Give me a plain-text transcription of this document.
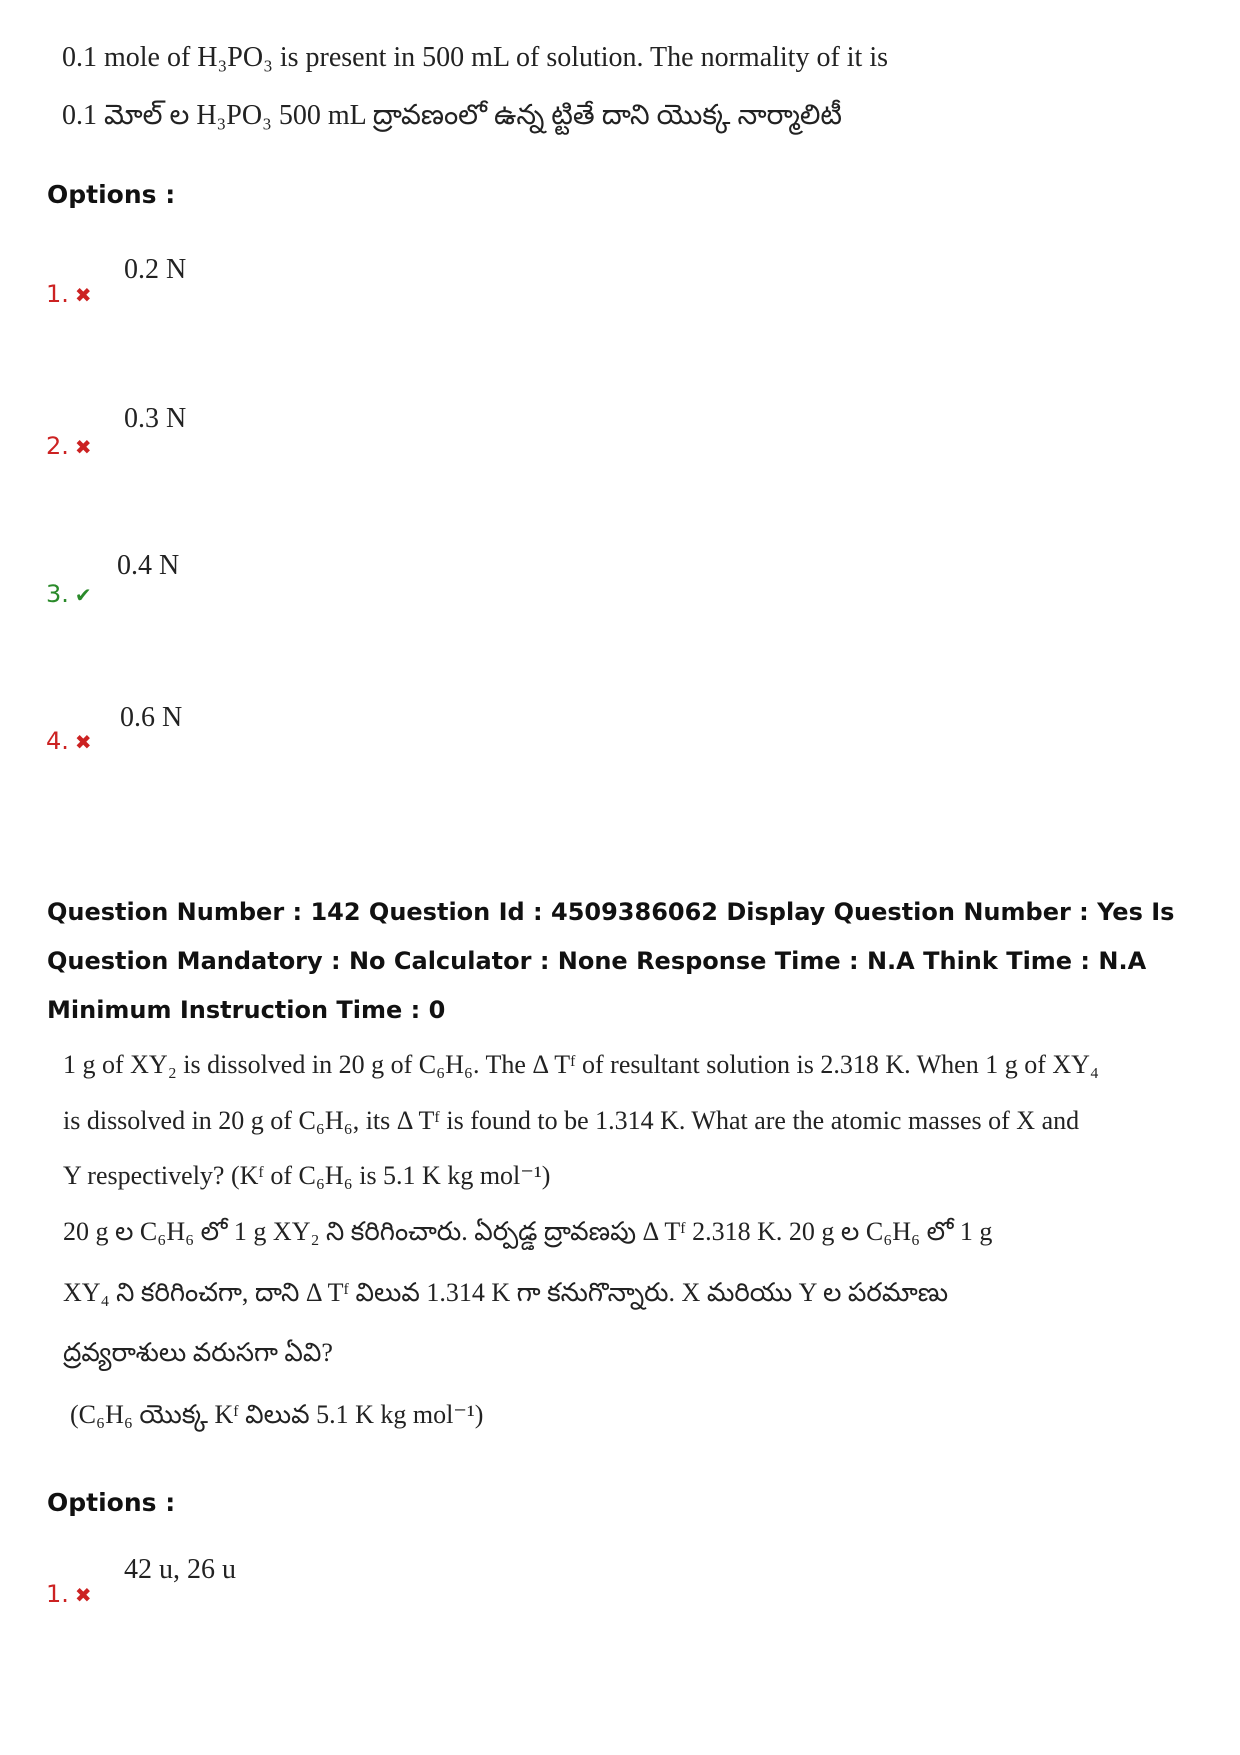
0.1 mole of H₃PO₃ is present in 500 mL of solution. The normality of it is
0.1 మోల్ ల H₃PO₃ 500 mL ద్రావణంలో ఉన్న ట్టితే దాని యొక్క నార్మాలిటీ
Options :
0.2 N
1. ✖
0.3 N
2. ✖
0.4 N
3. ✔
0.6 N
4. ✖
Question Number : 142 Question Id : 4509386062 Display Question Number : Yes Is Question Mandatory : No Calculator : None Response Time : N.A Think Time : N.A Minimum Instruction Time : 0
1 g of XY₂ is dissolved in 20 g of C₆H₆. The Δ Tᶠ of resultant solution is 2.318 K. When 1 g of XY₄
is dissolved in 20 g of C₆H₆, its Δ Tᶠ is found to be 1.314 K. What are the atomic masses of X and
Y respectively? (Kᶠ of C₆H₆ is 5.1 K kg mol⁻¹)
20 g ల C₆H₆ లో 1 g XY₂ ని కరిగించారు. ఏర్పడ్డ ద్రావణపు Δ Tᶠ 2.318 K. 20 g ల C₆H₆ లో 1 g
XY₄ ని కరిగించగా, దాని Δ Tᶠ విలువ 1.314 K గా కనుగొన్నారు. X మరియు Y ల పరమాణు
ద్రవ్యరాశులు వరుసగా ఏవి?
(C₆H₆ యొక్క Kᶠ విలువ 5.1 K kg mol⁻¹)
Options :
42 u, 26 u
1. ✖
